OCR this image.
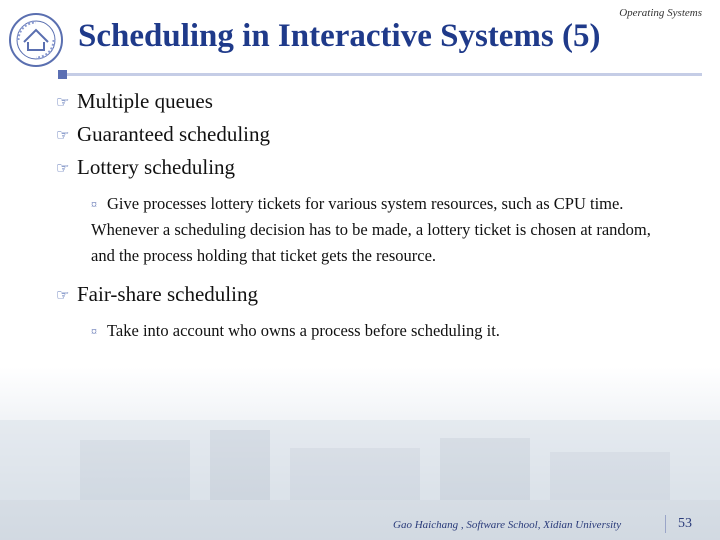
Operating Systems
Scheduling in Interactive Systems (5)
☞ Multiple queues
☞ Guaranteed scheduling
☞ Lottery scheduling
¤ Give processes lottery tickets for various system resources, such as CPU time. Whenever a scheduling decision has to be made, a lottery ticket is chosen at random, and the process holding that ticket gets the resource.
☞ Fair-share scheduling
¤ Take into account who owns a process before scheduling it.
Gao Haichang , Software School, Xidian University	53
